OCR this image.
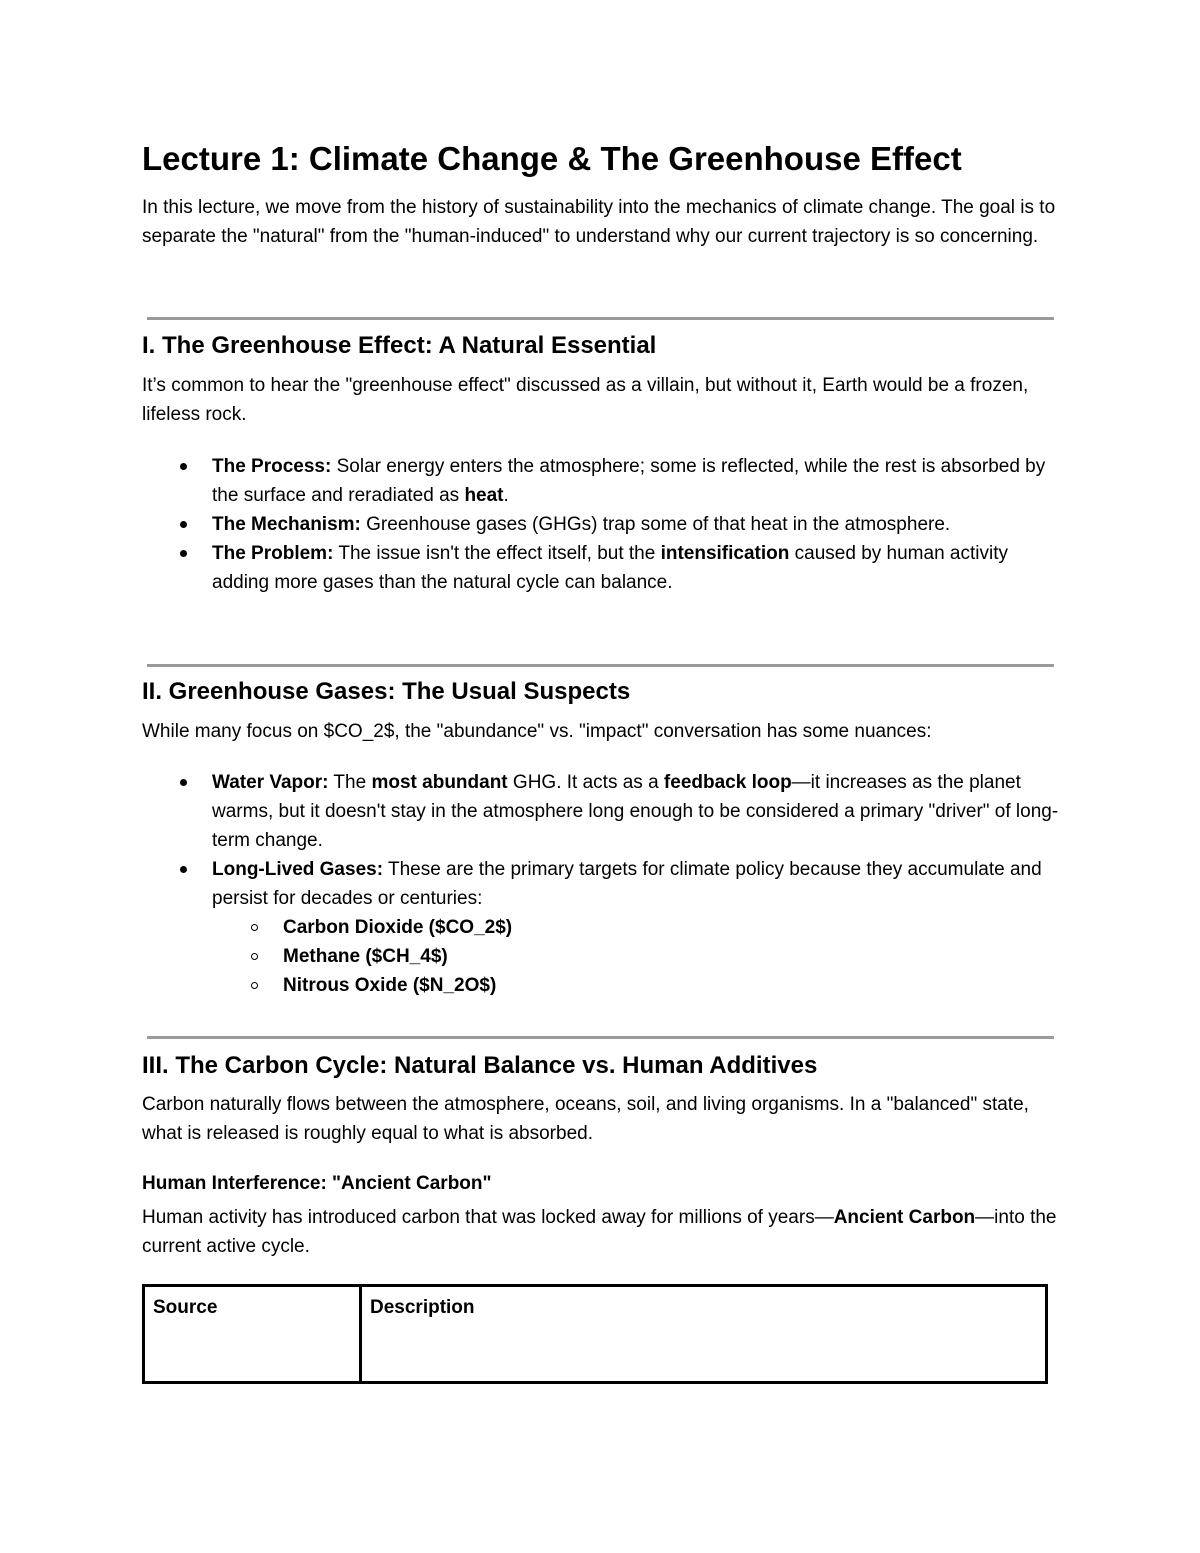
Lecture 1: Climate Change & The Greenhouse Effect

In this lecture, we move from the history of sustainability into the mechanics of climate change. The goal is to separate the "natural" from the "human-induced" to understand why our current trajectory is so concerning.

I. The Greenhouse Effect: A Natural Essential

It’s common to hear the "greenhouse effect" discussed as a villain, but without it, Earth would be a frozen, lifeless rock.

The Process: Solar energy enters the atmosphere; some is reflected, while the rest is absorbed by the surface and reradiated as heat.
The Mechanism: Greenhouse gases (GHGs) trap some of that heat in the atmosphere.
The Problem: The issue isn't the effect itself, but the intensification caused by human activity adding more gases than the natural cycle can balance.
II. Greenhouse Gases: The Usual Suspects

While many focus on $CO_2$, the "abundance" vs. "impact" conversation has some nuances:

Water Vapor: The most abundant GHG. It acts as a feedback loop—it increases as the planet warms, but it doesn't stay in the atmosphere long enough to be considered a primary "driver" of long-term change.
Long-Lived Gases: These are the primary targets for climate policy because they accumulate and persist for decades or centuries:
Carbon Dioxide ($CO_2$)
Methane ($CH_4$)
Nitrous Oxide ($N_2O$)
III. The Carbon Cycle: Natural Balance vs. Human Additives

Carbon naturally flows between the atmosphere, oceans, soil, and living organisms. In a "balanced" state, what is released is roughly equal to what is absorbed.

Human Interference: "Ancient Carbon"

Human activity has introduced carbon that was locked away for millions of years—Ancient Carbon—into the current active cycle.

Source	Description
